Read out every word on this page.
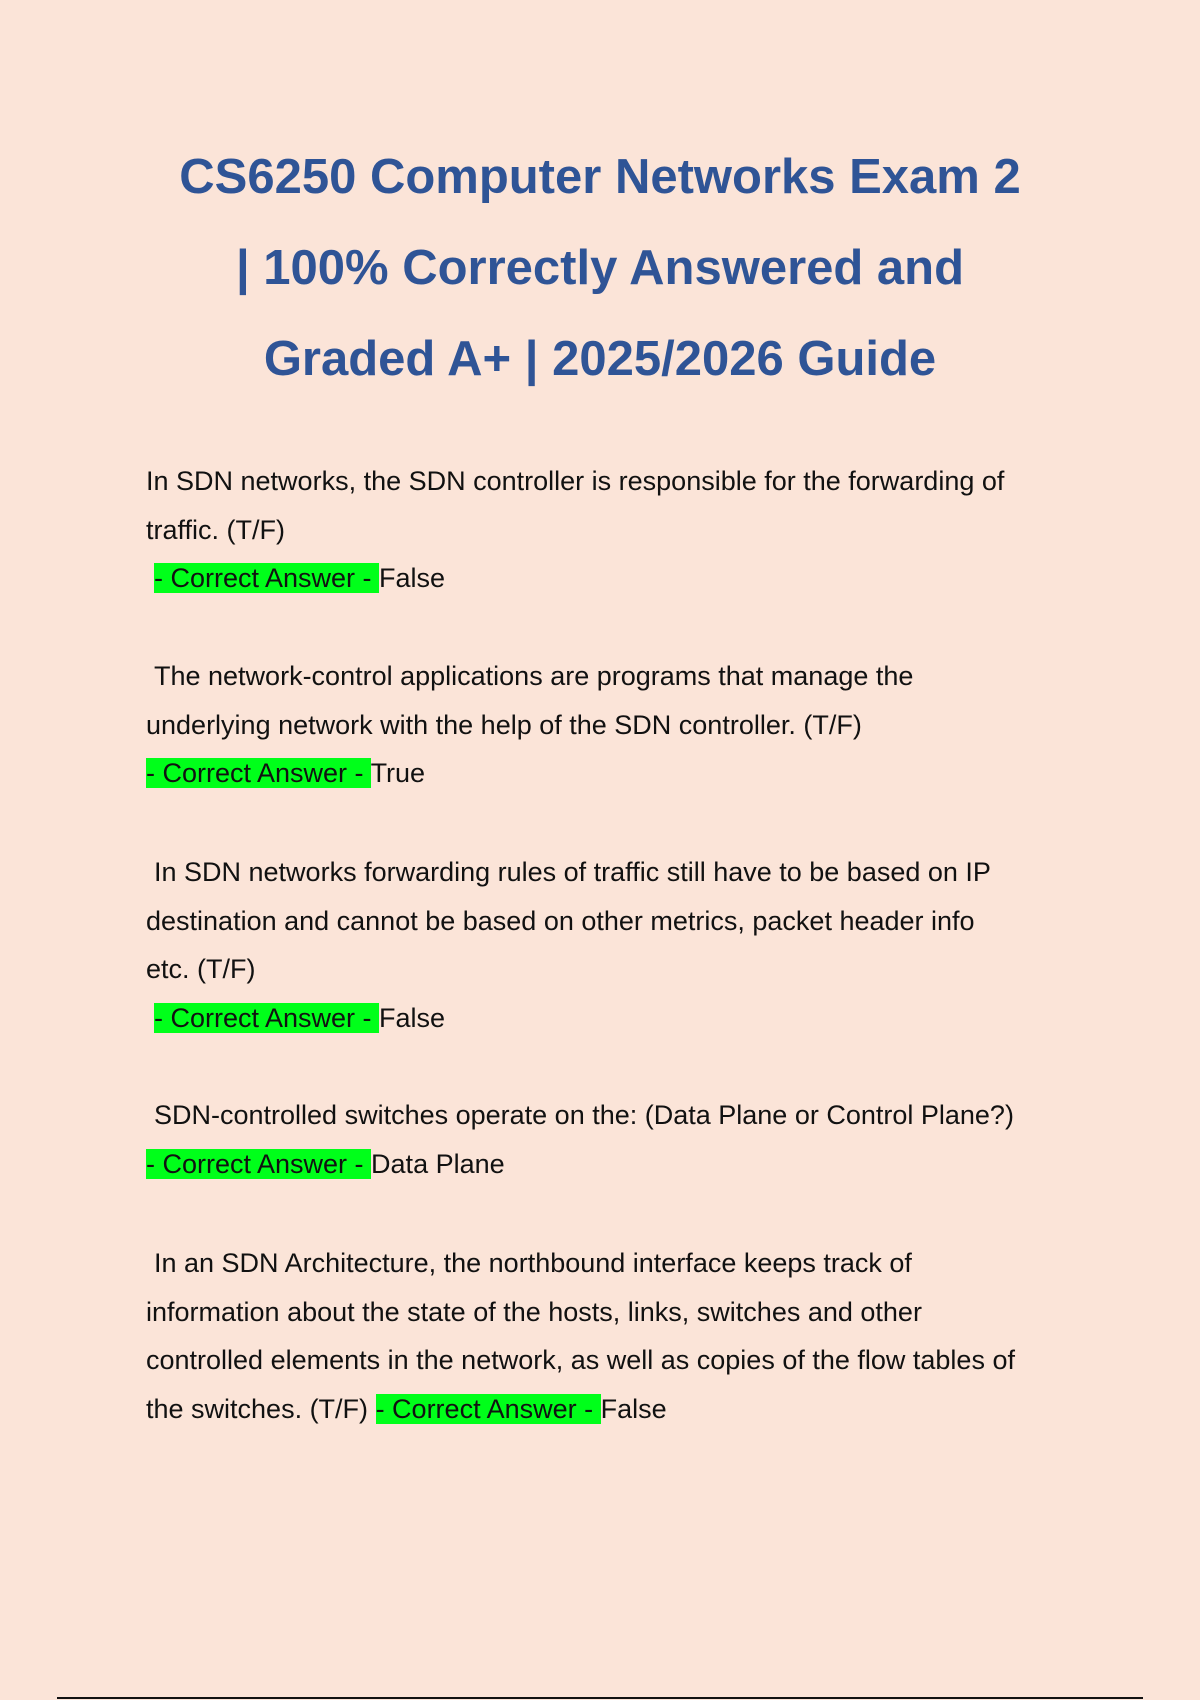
CS6250 Computer Networks Exam 2
| 100% Correctly Answered and
Graded A+ | 2025/2026 Guide

In SDN networks, the SDN controller is responsible for the forwarding of
traffic. (T/F)
- Correct Answer - False

The network-control applications are programs that manage the
underlying network with the help of the SDN controller. (T/F)
- Correct Answer - True

In SDN networks forwarding rules of traffic still have to be based on IP
destination and cannot be based on other metrics, packet header info
etc. (T/F)
- Correct Answer - False

SDN-controlled switches operate on the: (Data Plane or Control Plane?)
- Correct Answer - Data Plane

In an SDN Architecture, the northbound interface keeps track of
information about the state of the hosts, links, switches and other
controlled elements in the network, as well as copies of the flow tables of
the switches. (T/F) - Correct Answer - False
